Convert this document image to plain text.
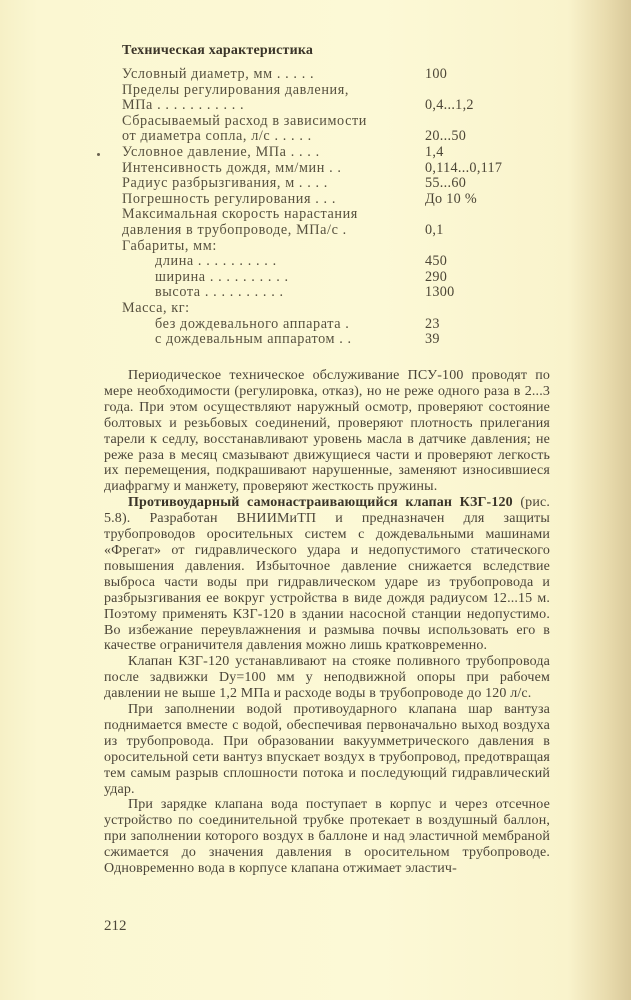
Техническая характеристика
Условный диаметр, мм . . . . .	100
Пределы регулирования давления,
МПа . . . . . . . . . . .	0,4...1,2
Сбрасываемый расход в зависимости
от диаметра сопла, л/с . . . . .	20...50
Условное давление, МПа . . . .	1,4
Интенсивность дождя, мм/мин . .	0,114...0,117
Радиус разбрызгивания, м . . . .	55...60
Погрешность регулирования . . .	До 10 %
Максимальная скорость нарастания
давления в трубопроводе, МПа/с .	0,1
Габариты, мм:
длина . . . . . . . . . .	450
ширина . . . . . . . . . .	290
высота . . . . . . . . . .	1300
Масса, кг:
без дождевального аппарата .	23
с дождевальным аппаратом . .	39

Периодическое техническое обслуживание ПСУ-100 проводят по мере необходимости (регулировка, отказ), но не реже одного раза в 2...3 года. При этом осуществляют наружный осмотр, проверяют состояние болтовых и резьбовых соединений, проверяют плотность прилегания тарели к седлу, восстанавливают уровень масла в датчике давления; не реже раза в месяц смазывают движущиеся части и проверяют легкость их перемещения, подкрашивают нарушенные, заменяют износившиеся диафрагму и манжету, проверяют жесткость пружины.

Противоударный самонастраивающийся клапан КЗГ-120 (рис. 5.8). Разработан ВНИИМиТП и предназначен для защиты трубопроводов оросительных систем с дождевальными машинами «Фрегат» от гидравлического удара и недопустимого статического повышения давления. Избыточное давление снижается вследствие выброса части воды при гидравлическом ударе из трубопровода и разбрызгивания ее вокруг устройства в виде дождя радиусом 12...15 м. Поэтому применять КЗГ-120 в здании насосной станции недопустимо. Во избежание переувлажнения и размыва почвы использовать его в качестве ограничителя давления можно лишь кратковременно.

Клапан КЗГ-120 устанавливают на стояке поливного трубопровода после задвижки Dy=100 мм у неподвижной опоры при рабочем давлении не выше 1,2 МПа и расходе воды в трубопроводе до 120 л/с.

При заполнении водой противоударного клапана шар вантуза поднимается вместе с водой, обеспечивая первоначально выход воздуха из трубопровода. При образовании вакуумметрического давления в оросительной сети вантуз впускает воздух в трубопровод, предотвращая тем самым разрыв сплошности потока и последующий гидравлический удар.

При зарядке клапана вода поступает в корпус и через отсечное устройство по соединительной трубке протекает в воздушный баллон, при заполнении которого воздух в баллоне и над эластичной мембраной сжимается до значения давления в оросительном трубопроводе. Одновременно вода в корпусе клапана отжимает эластич-

212
